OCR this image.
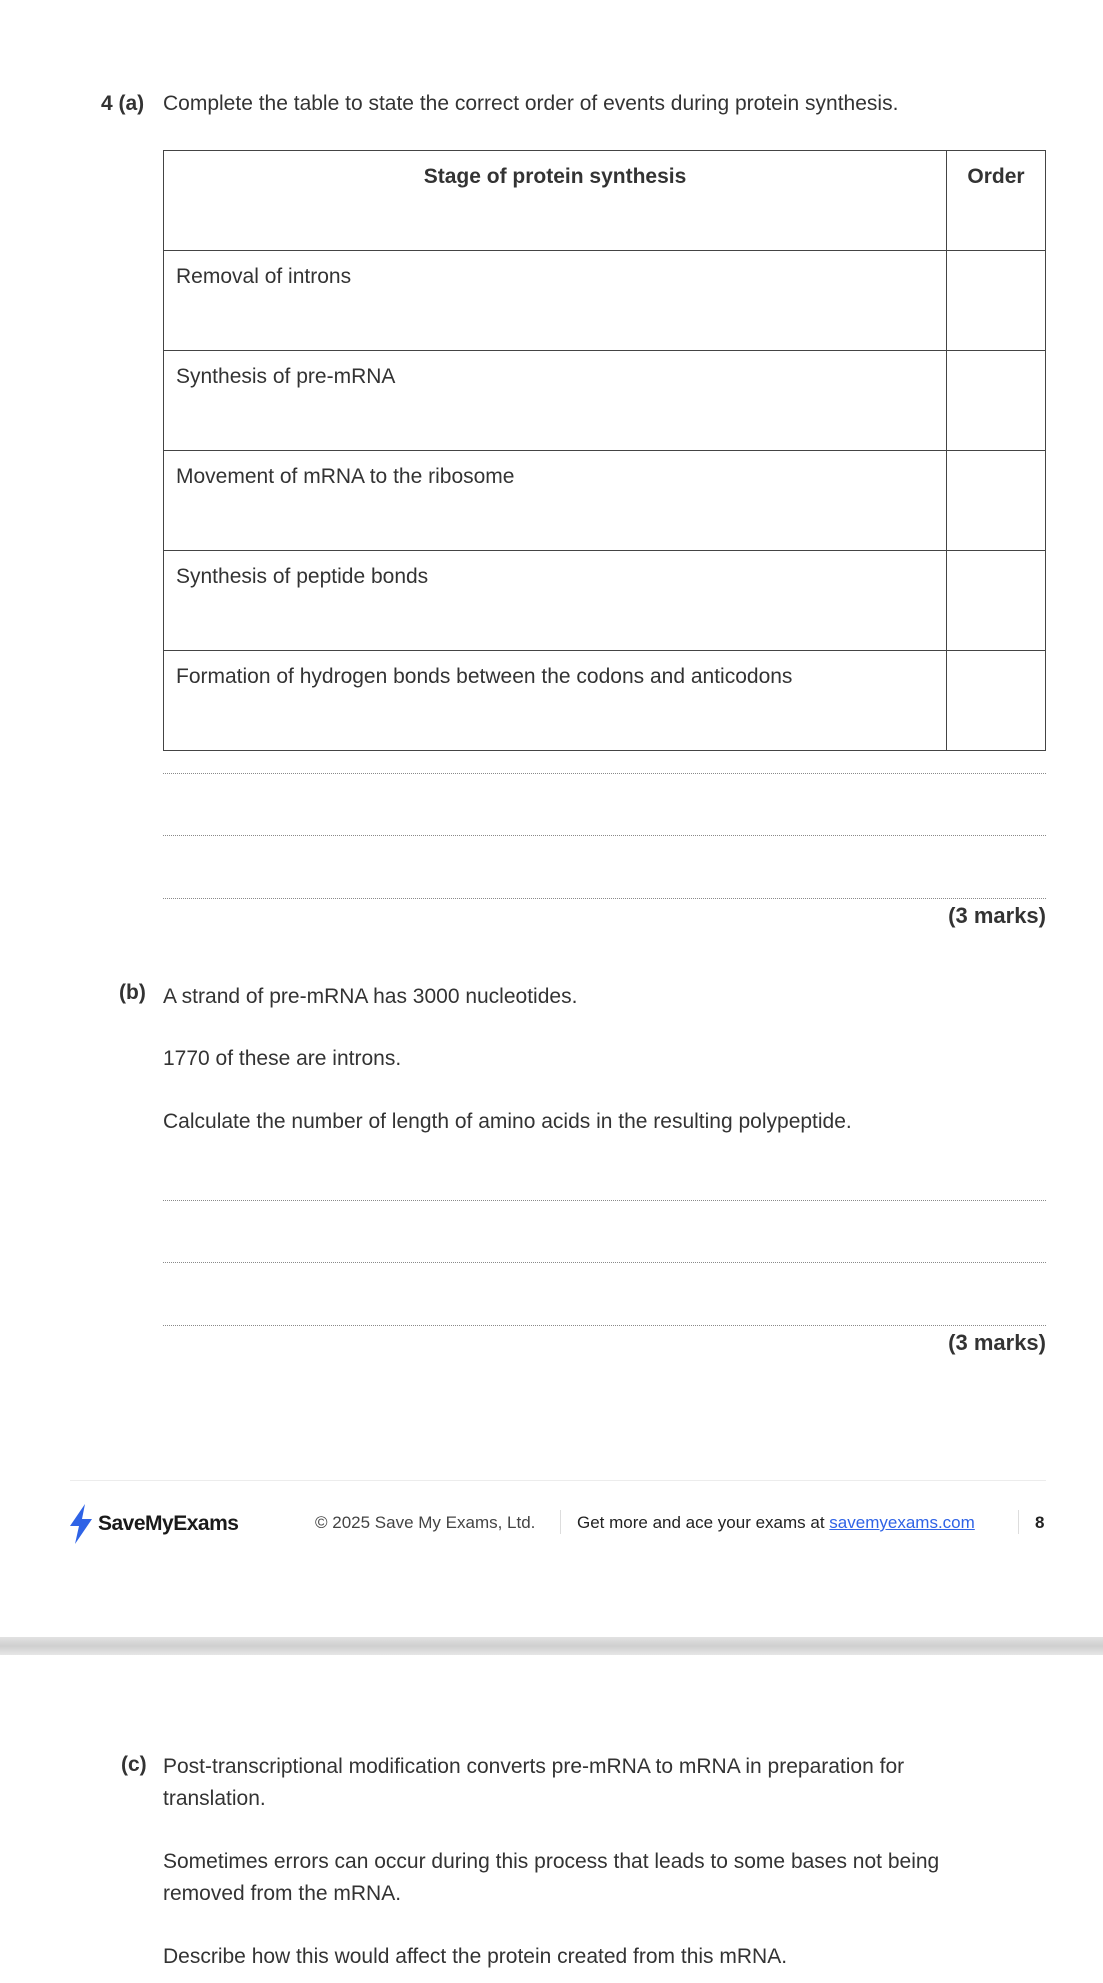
4 (a) Complete the table to state the correct order of events during protein synthesis.
Stage of protein synthesis	Order
Removal of introns	
Synthesis of pre-mRNA	
Movement of mRNA to the ribosome	
Synthesis of peptide bonds	
Formation of hydrogen bonds between the codons and anticodons	
(3 marks)
(b) A strand of pre-mRNA has 3000 nucleotides.
1770 of these are introns.
Calculate the number of length of amino acids in the resulting polypeptide.
(3 marks)
SaveMyExams	© 2025 Save My Exams, Ltd. Get more and ace your exams at savemyexams.com	8
(c) Post-transcriptional modification converts pre-mRNA to mRNA in preparation for
translation.
Sometimes errors can occur during this process that leads to some bases not being
removed from the mRNA.
Describe how this would affect the protein created from this mRNA.
